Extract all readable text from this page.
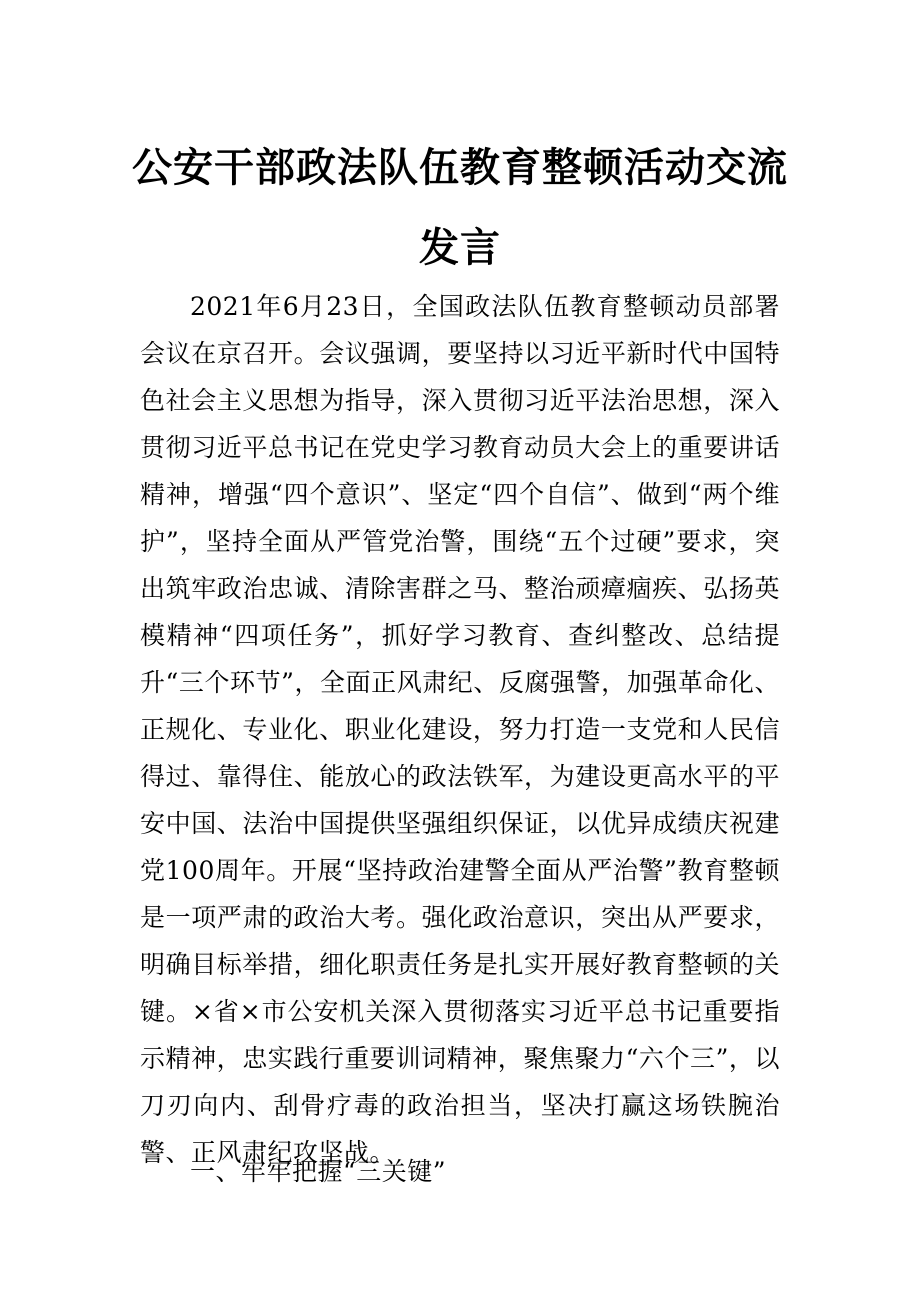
公安干部政法队伍教育整顿活动交流发言

2021年6月23日，全国政法队伍教育整顿动员部署会议在京召开。会议强调，要坚持以习近平新时代中国特色社会主义思想为指导，深入贯彻习近平法治思想，深入贯彻习近平总书记在党史学习教育动员大会上的重要讲话精神，增强“四个意识”、坚定“四个自信”、做到“两个维护”，坚持全面从严管党治警，围绕“五个过硬”要求，突出筑牢政治忠诚、清除害群之马、整治顽瘴痼疾、弘扬英模精神“四项任务”，抓好学习教育、查纠整改、总结提升“三个环节”，全面正风肃纪、反腐强警，加强革命化、正规化、专业化、职业化建设，努力打造一支党和人民信得过、靠得住、能放心的政法铁军，为建设更高水平的平安中国、法治中国提供坚强组织保证，以优异成绩庆祝建党100周年。开展“坚持政治建警全面从严治警”教育整顿是一项严肃的政治大考。强化政治意识，突出从严要求，明确目标举措，细化职责任务是扎实开展好教育整顿的关键。×省×市公安机关深入贯彻落实习近平总书记重要指示精神，忠实践行重要训词精神，聚焦聚力“六个三”，以刀刃向内、刮骨疗毒的政治担当，坚决打赢这场铁腕治警、正风肃纪攻坚战。

一、牢牢把握“三关键”
